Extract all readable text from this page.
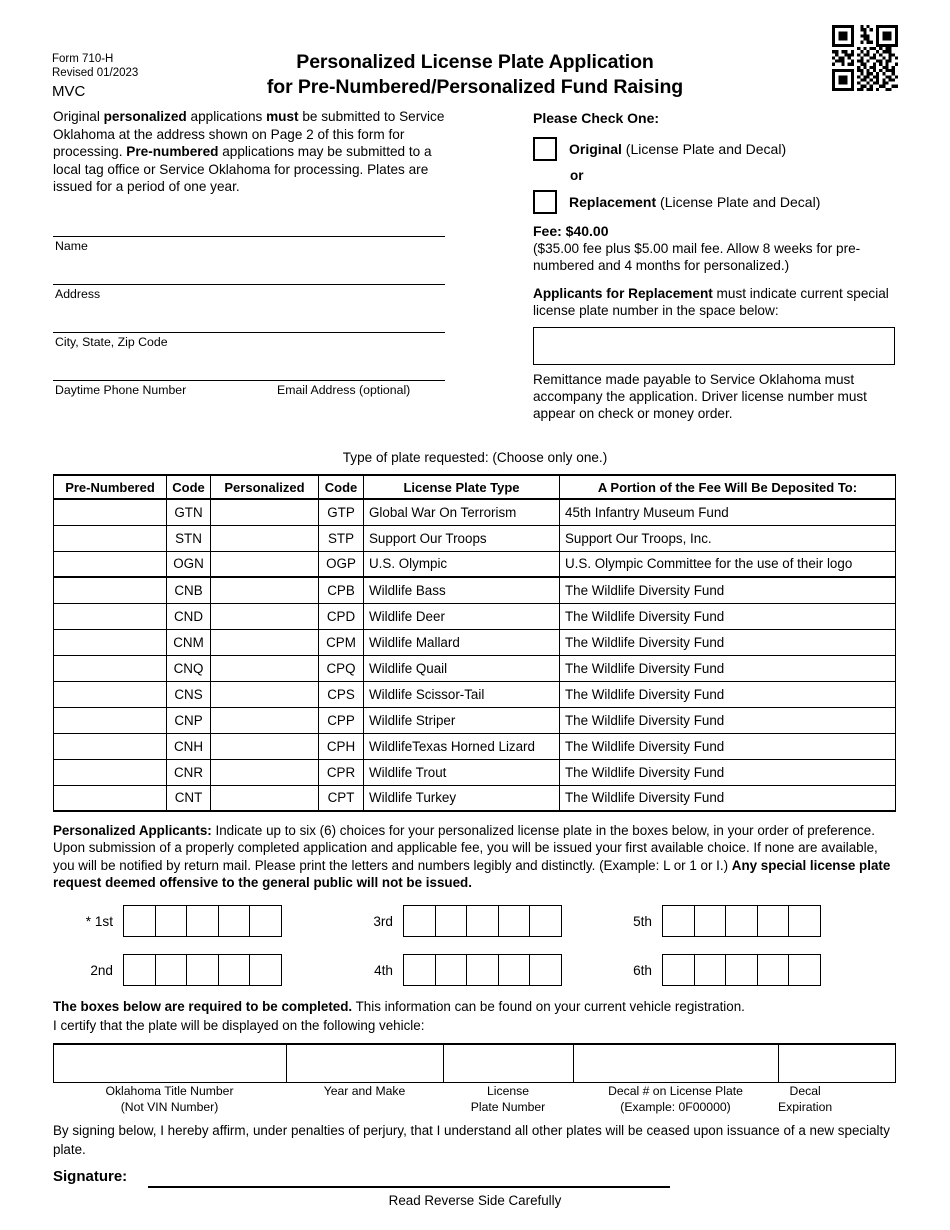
Form 710-H
Revised 01/2023
MVC
Personalized License Plate Application
for Pre-Numbered/Personalized Fund Raising
Original personalized applications must be submitted to Service Oklahoma at the address shown on Page 2 of this form for processing. Pre-numbered applications may be submitted to a local tag office or Service Oklahoma for processing. Plates are issued for a period of one year.
Name
Address
City, State, Zip Code
Daytime Phone Number	Email Address (optional)
Please Check One:
Original (License Plate and Decal)
or
Replacement (License Plate and Decal)
Fee: $40.00
($35.00 fee plus $5.00 mail fee. Allow 8 weeks for pre-numbered and 4 months for personalized.)
Applicants for Replacement must indicate current special license plate number in the space below:
Remittance made payable to Service Oklahoma must accompany the application. Driver license number must appear on check or money order.
Type of plate requested: (Choose only one.)
Pre-Numbered	Code	Personalized	Code	License Plate Type	A Portion of the Fee Will Be Deposited To:
	GTN		GTP	Global War On Terrorism	45th Infantry Museum Fund
	STN		STP	Support Our Troops	Support Our Troops, Inc.
	OGN		OGP	U.S. Olympic	U.S. Olympic Committee for the use of their logo
	CNB		CPB	Wildlife Bass	The Wildlife Diversity Fund
	CND		CPD	Wildlife Deer	The Wildlife Diversity Fund
	CNM		CPM	Wildlife Mallard	The Wildlife Diversity Fund
	CNQ		CPQ	Wildlife Quail	The Wildlife Diversity Fund
	CNS		CPS	Wildlife Scissor-Tail	The Wildlife Diversity Fund
	CNP		CPP	Wildlife Striper	The Wildlife Diversity Fund
	CNH		CPH	WildlifeTexas Horned Lizard	The Wildlife Diversity Fund
	CNR		CPR	Wildlife Trout	The Wildlife Diversity Fund
	CNT		CPT	Wildlife Turkey	The Wildlife Diversity Fund
Personalized Applicants: Indicate up to six (6) choices for your personalized license plate in the boxes below, in your order of preference. Upon submission of a properly completed application and applicable fee, you will be issued your first available choice. If none are available, you will be notified by return mail. Please print the letters and numbers legibly and distinctly. (Example: L or 1 or I.) Any special license plate request deemed offensive to the general public will not be issued.
* 1st	3rd	5th
2nd	4th	6th
The boxes below are required to be completed. This information can be found on your current vehicle registration.
I certify that the plate will be displayed on the following vehicle:

Oklahoma Title Number
(Not VIN Number)
Year and Make	License
Plate Number
Decal # on License Plate
(Example: 0F00000)
Decal
Expiration
By signing below, I hereby affirm, under penalties of perjury, that I understand all other plates will be ceased upon issuance of a new specialty plate.
Signature:
Read Reverse Side Carefully
